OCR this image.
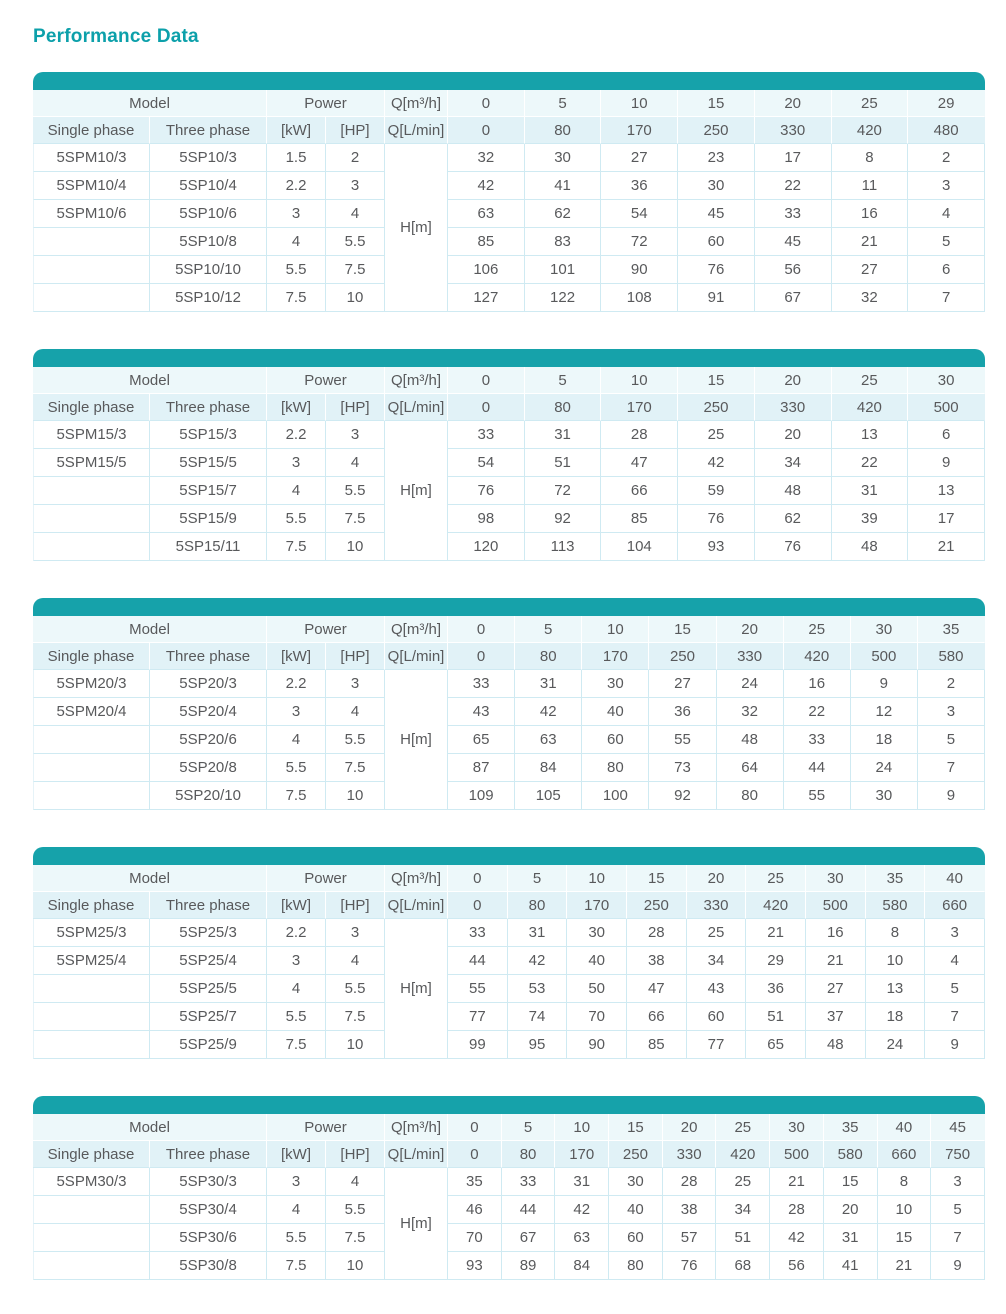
Performance Data
Model		Power		Q[m³/h]	0	5	10	15	20	25	29
Single phase	Three phase	[kW]	[HP]	Q[L/min]	0	80	170	250	330	420	480
5SPM10/3	5SP10/3	1.5	2	H[m]	32	30	27	23	17	8	2
5SPM10/4	5SP10/4	2.2	3		42	41	36	30	22	11	3
5SPM10/6	5SP10/6	3	4		63	62	54	45	33	16	4
	5SP10/8	4	5.5		85	83	72	60	45	21	5
	5SP10/10	5.5	7.5		106	101	90	76	56	27	6
	5SP10/12	7.5	10		127	122	108	91	67	32	7
Model		Power		Q[m³/h]	0	5	10	15	20	25	30
Single phase	Three phase	[kW]	[HP]	Q[L/min]	0	80	170	250	330	420	500
5SPM15/3	5SP15/3	2.2	3	H[m]	33	31	28	25	20	13	6
5SPM15/5	5SP15/5	3	4		54	51	47	42	34	22	9
	5SP15/7	4	5.5		76	72	66	59	48	31	13
	5SP15/9	5.5	7.5		98	92	85	76	62	39	17
	5SP15/11	7.5	10		120	113	104	93	76	48	21
Model		Power		Q[m³/h]	0	5	10	15	20	25	30	35
Single phase	Three phase	[kW]	[HP]	Q[L/min]	0	80	170	250	330	420	500	580
5SPM20/3	5SP20/3	2.2	3	H[m]	33	31	30	27	24	16	9	2
5SPM20/4	5SP20/4	3	4		43	42	40	36	32	22	12	3
	5SP20/6	4	5.5		65	63	60	55	48	33	18	5
	5SP20/8	5.5	7.5		87	84	80	73	64	44	24	7
	5SP20/10	7.5	10		109	105	100	92	80	55	30	9
Model		Power		Q[m³/h]	0	5	10	15	20	25	30	35	40
Single phase	Three phase	[kW]	[HP]	Q[L/min]	0	80	170	250	330	420	500	580	660
5SPM25/3	5SP25/3	2.2	3	H[m]	33	31	30	28	25	21	16	8	3
5SPM25/4	5SP25/4	3	4		44	42	40	38	34	29	21	10	4
	5SP25/5	4	5.5		55	53	50	47	43	36	27	13	5
	5SP25/7	5.5	7.5		77	74	70	66	60	51	37	18	7
	5SP25/9	7.5	10		99	95	90	85	77	65	48	24	9
Model		Power		Q[m³/h]	0	5	10	15	20	25	30	35	40	45
Single phase	Three phase	[kW]	[HP]	Q[L/min]	0	80	170	250	330	420	500	580	660	750
5SPM30/3	5SP30/3	3	4	H[m]	35	33	31	30	28	25	21	15	8	3
	5SP30/4	4	5.5		46	44	42	40	38	34	28	20	10	5
	5SP30/6	5.5	7.5		70	67	63	60	57	51	42	31	15	7
	5SP30/8	7.5	10		93	89	84	80	76	68	56	41	21	9
